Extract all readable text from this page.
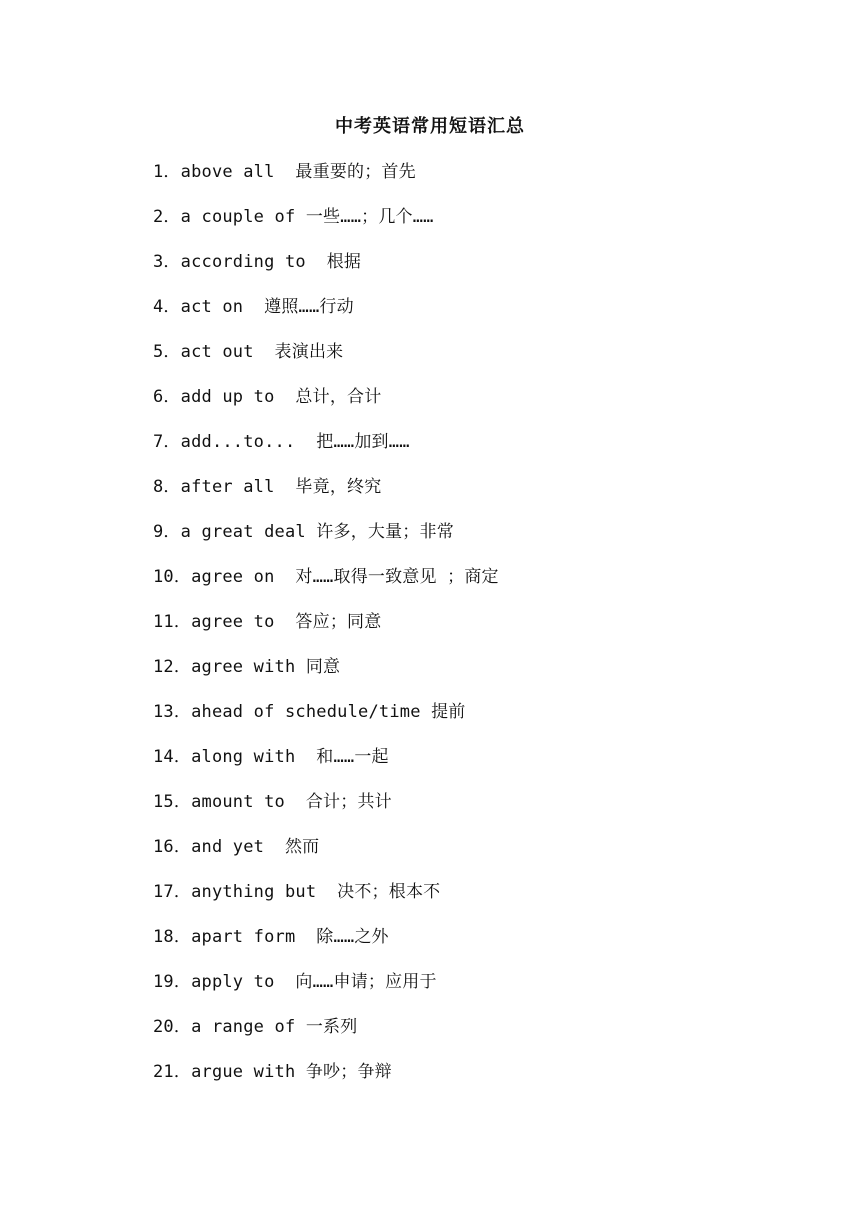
中考英语常用短语汇总
1．above all  最重要的；首先
2．a couple of 一些……；几个……
3．according to  根据
4．act on  遵照……行动
5．act out  表演出来
6．add up to  总计，合计
7．add...to...  把……加到……
8．after all  毕竟，终究
9．a great deal 许多，大量；非常
10．agree on  对……取得一致意见 ；商定
11．agree to  答应；同意
12．agree with 同意
13．ahead of schedule/time 提前
14．along with  和……一起
15．amount to  合计；共计
16．and yet  然而
17．anything but  决不；根本不
18．apart form  除……之外
19．apply to  向……申请；应用于
20．a range of 一系列
21．argue with 争吵；争辩
